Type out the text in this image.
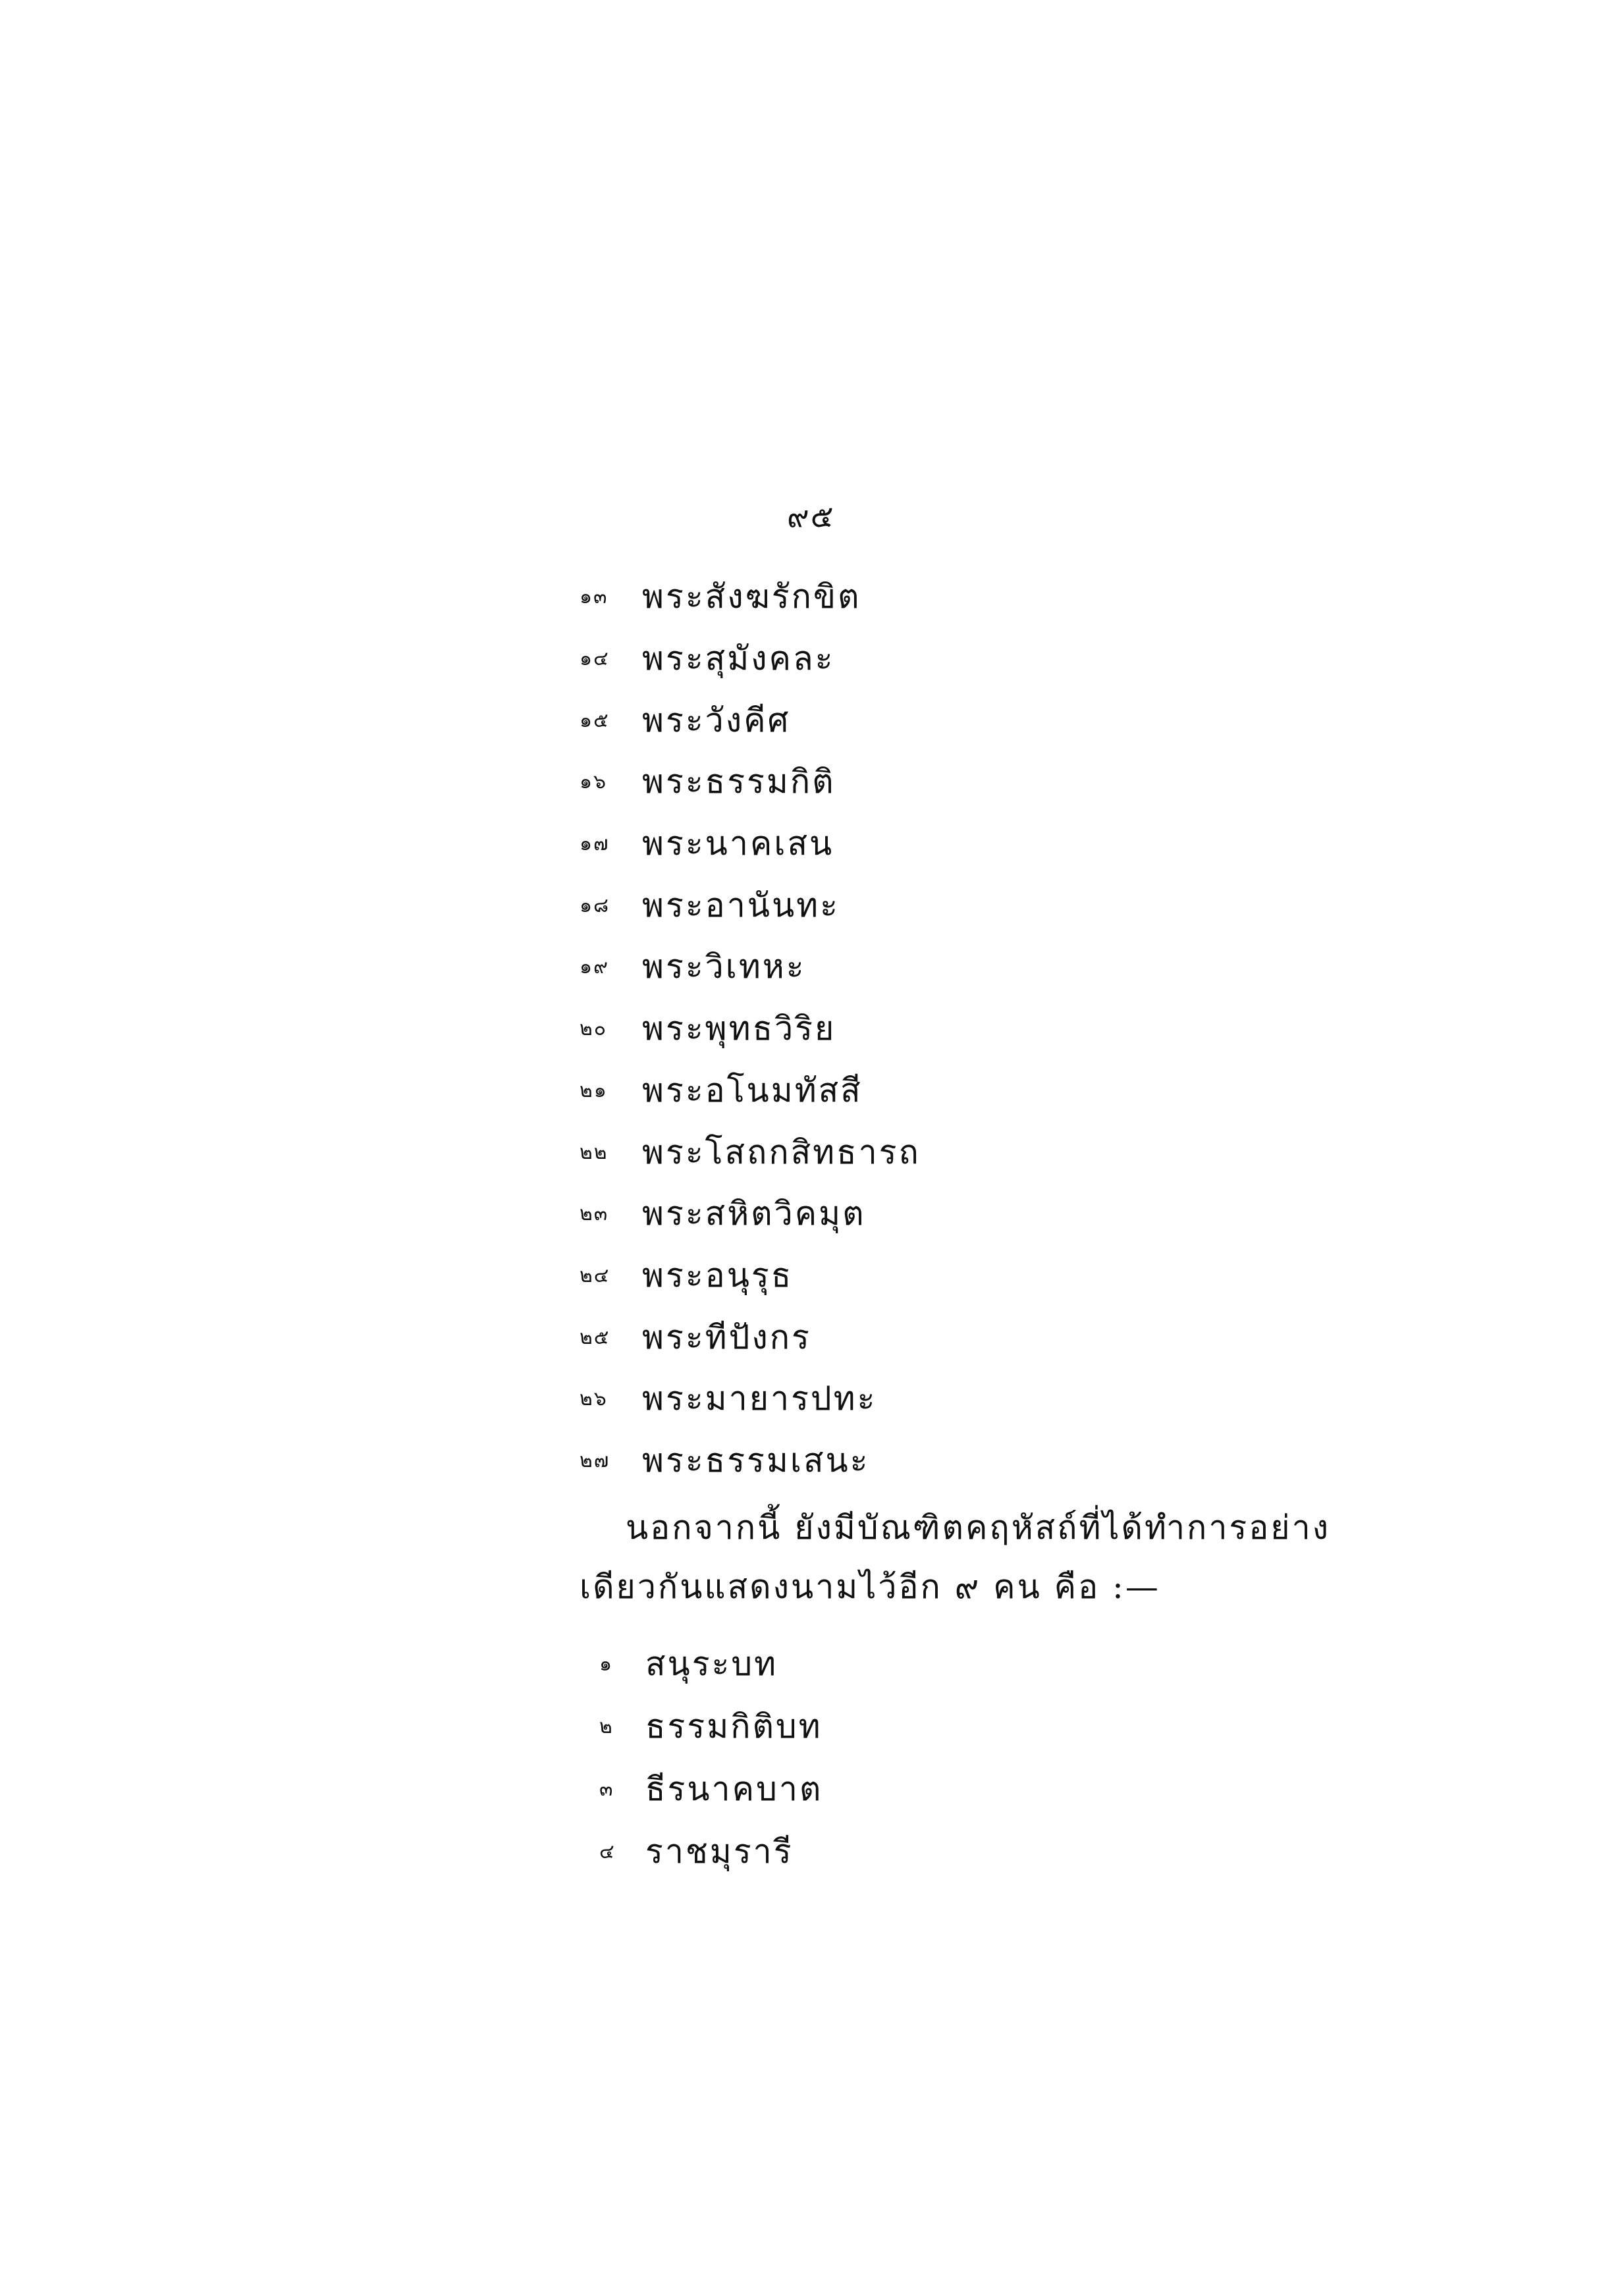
๙๕
๑๓	พระสังฆรักขิต
๑๔ พระสุมังคละ
๑๕ พระวังคีศ
๑๖	พระธรรมกิติ
๑๗ พระนาคเสน
๑๘ พระอานันทะ
๑๙ พระวิเทหะ
๒๐	พระพุทธวิริย
๒๑	พระอโนมทัสสี
๒๒	พระโสถกสิทธารถ
๒๓	พระสหิตวิคมุต
๒๔ พระอนุรุธ
๒๕ พระทีปังกร
๒๖	พระมายารปทะ
๒๗ พระธรรมเสนะ
นอกจากนี้ ยังมีบัณฑิตคฤหัสถ์ที่ได้ทำการอย่าง
เดียวกันแสดงนามไว้อีก ๙ คน คือ :—
๑ สนุระบท
๒ ธรรมกิติบท
๓ ธีรนาคบาต
๔ ราชมุรารี
